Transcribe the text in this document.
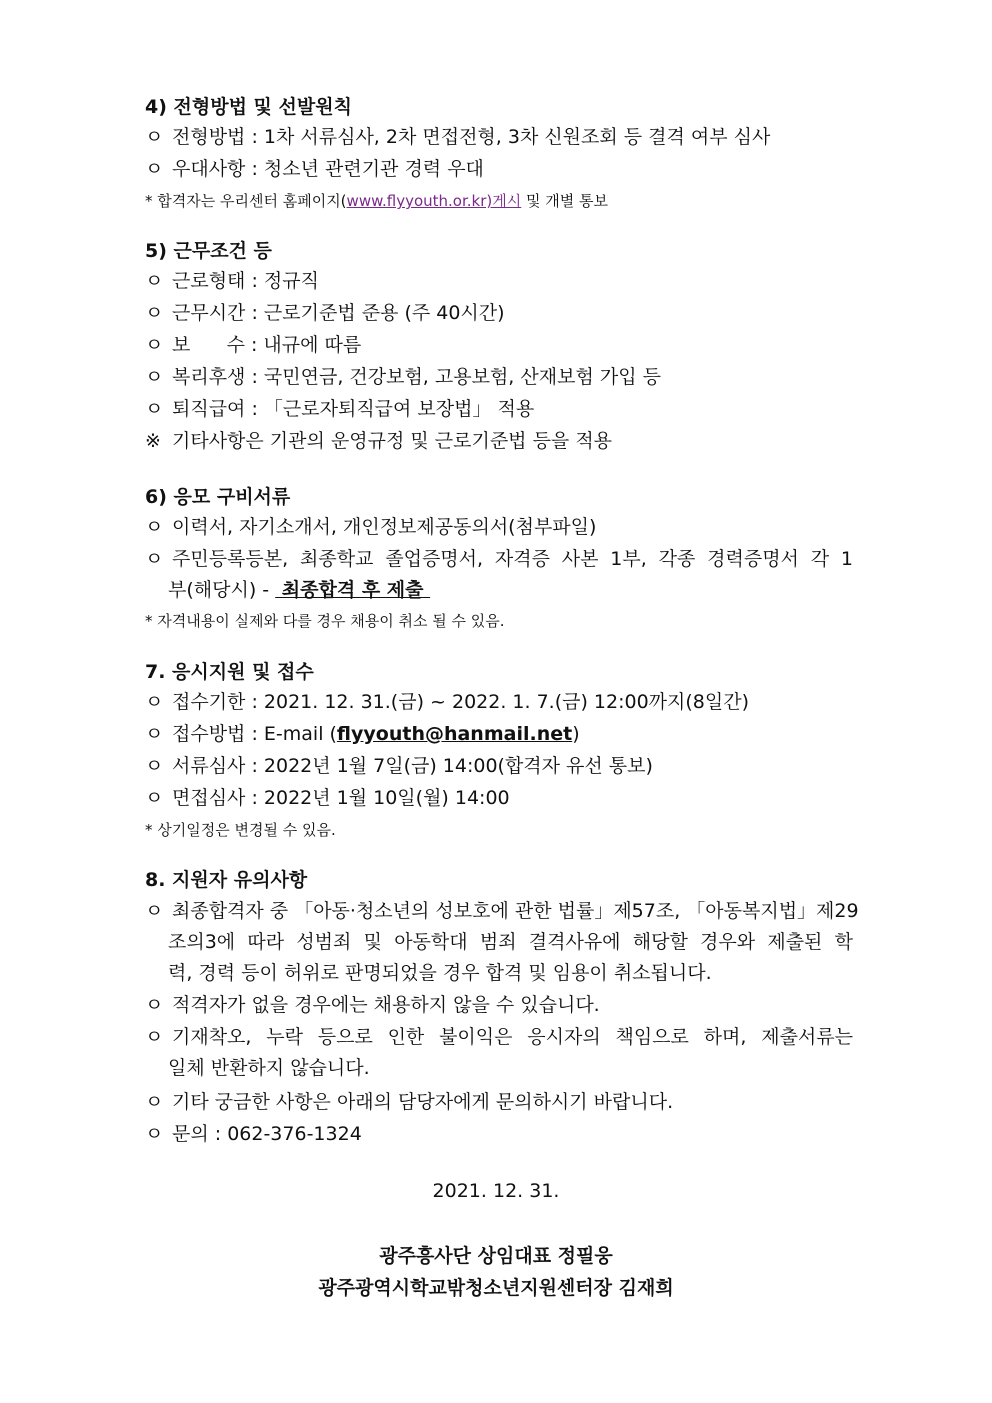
4) 전형방법 및 선발원칙
ㅇ 전형방법 : 1차 서류심사, 2차 면접전형, 3차 신원조회 등 결격 여부 심사
ㅇ 우대사항 : 청소년 관련기관 경력 우대
* 합격자는 우리센터 홈페이지(www.flyyouth.or.kr)게시 및 개별 통보
5) 근무조건 등
ㅇ 근로형태 : 정규직
ㅇ 근무시간 : 근로기준법 준용 (주 40시간)
ㅇ 보      수 : 내규에 따름
ㅇ 복리후생 : 국민연금, 건강보험, 고용보험, 산재보험 가입 등
ㅇ 퇴직급여 : 「근로자퇴직급여 보장법」 적용
※ 기타사항은 기관의 운영규정 및 근로기준법 등을 적용
6) 응모 구비서류
ㅇ 이력서, 자기소개서, 개인정보제공동의서(첨부파일)
ㅇ 주민등록등본, 최종학교 졸업증명서, 자격증 사본 1부, 각종 경력증명서 각 1
부(해당시) -  최종합격 후 제출
* 자격내용이 실제와 다를 경우 채용이 취소 될 수 있음.
7. 응시지원 및 접수
ㅇ 접수기한 : 2021. 12. 31.(금) ~ 2022. 1. 7.(금) 12:00까지(8일간)
ㅇ 접수방법 : E-mail (flyyouth@hanmail.net)
ㅇ 서류심사 : 2022년 1월 7일(금) 14:00(합격자 유선 통보)
ㅇ 면접심사 : 2022년 1월 10일(월) 14:00
* 상기일정은 변경될 수 있음.
8. 지원자 유의사항
ㅇ 최종합격자 중 「아동·청소년의 성보호에 관한 법률」제57조, 「아동복지법」제29
조의3에 따라 성범죄 및 아동학대 범죄 결격사유에 해당할 경우와 제출된 학
력, 경력 등이 허위로 판명되었을 경우 합격 및 임용이 취소됩니다.
ㅇ 적격자가 없을 경우에는 채용하지 않을 수 있습니다.
ㅇ 기재착오, 누락 등으로 인한 불이익은 응시자의 책임으로 하며, 제출서류는
일체 반환하지 않습니다.
ㅇ 기타 궁금한 사항은 아래의 담당자에게 문의하시기 바랍니다.
ㅇ 문의 : 062-376-1324
2021. 12. 31.
광주흥사단 상임대표 정필웅
광주광역시학교밖청소년지원센터장 김재희
